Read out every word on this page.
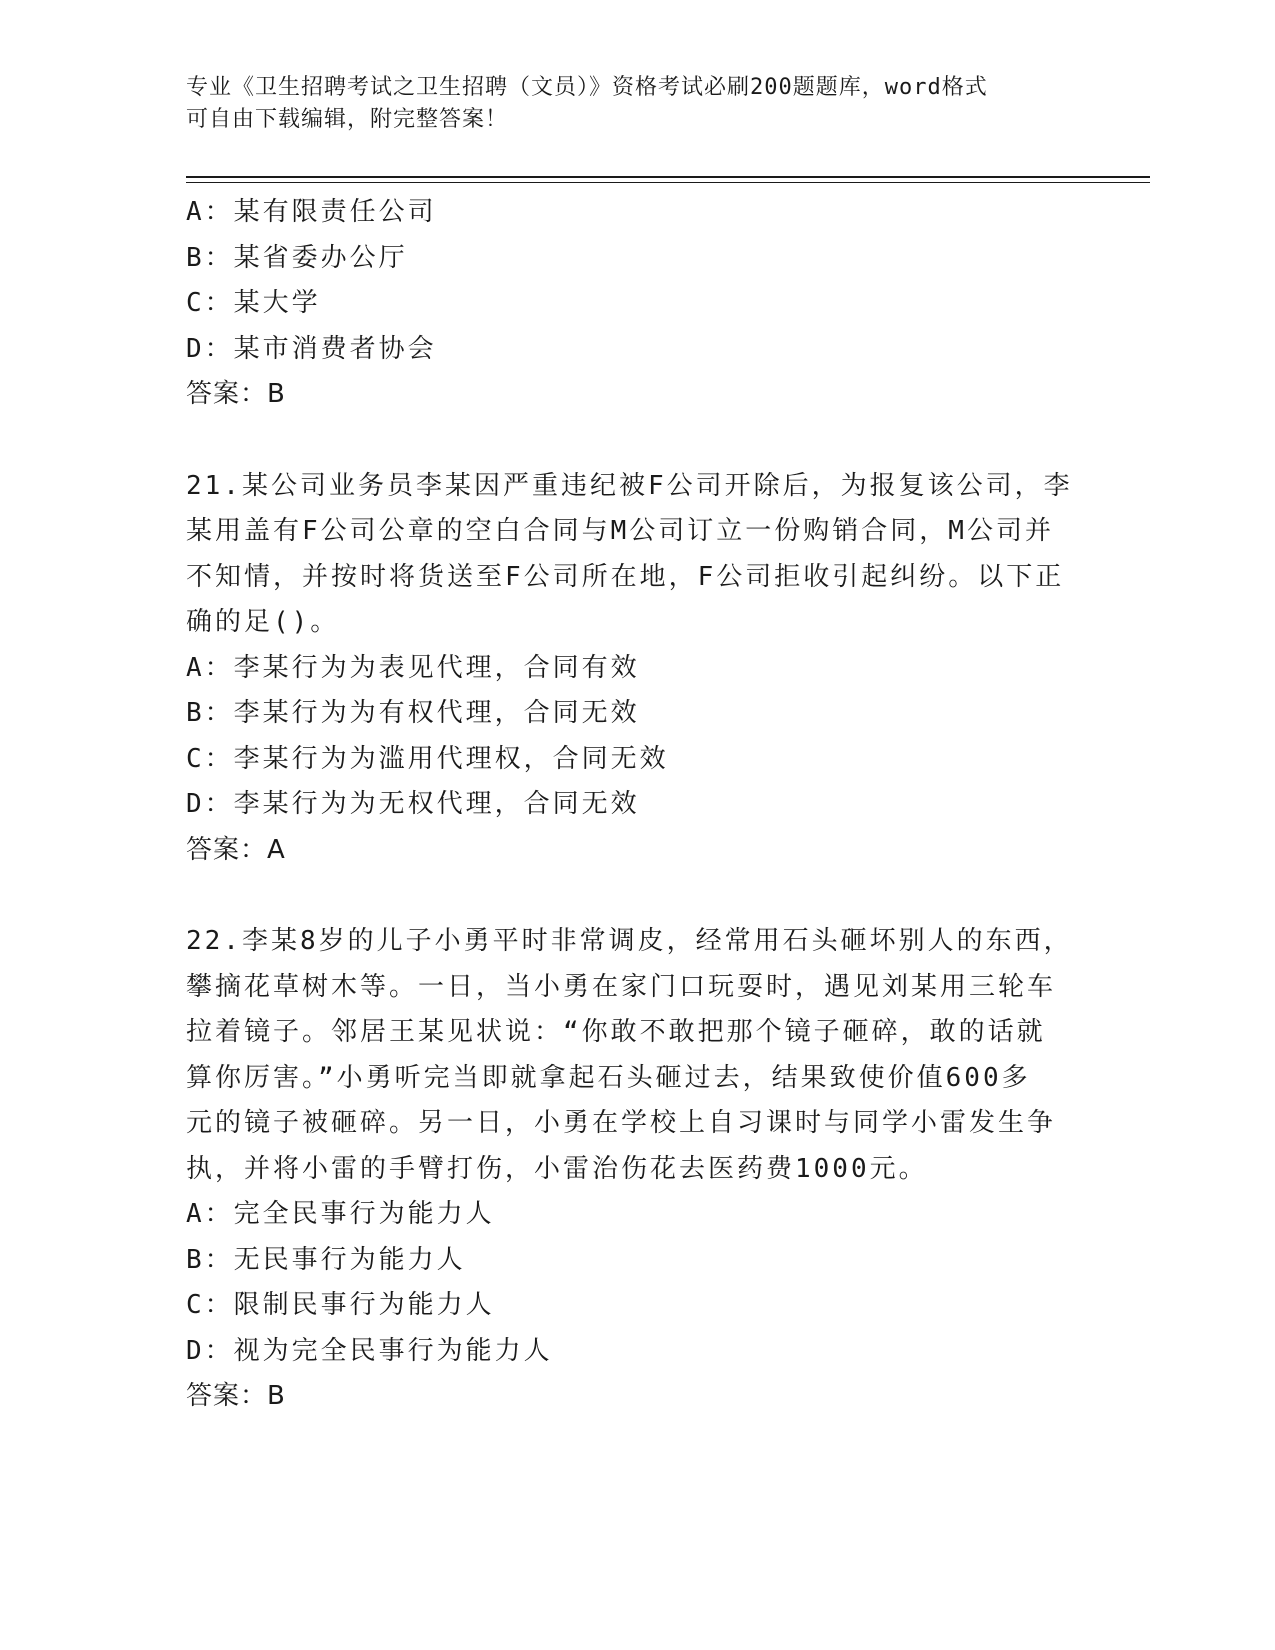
专业《卫生招聘考试之卫生招聘（文员）》资格考试必刷200题题库，word格式
可自由下载编辑，附完整答案！
A：某有限责任公司
B：某省委办公厅
C：某大学
D：某市消费者协会
答案：B
21.某公司业务员李某因严重违纪被F公司开除后，为报复该公司，李
某用盖有F公司公章的空白合同与M公司订立一份购销合同，M公司并
不知情，并按时将货送至F公司所在地，F公司拒收引起纠纷。以下正
确的足()。
A：李某行为为表见代理，合同有效
B：李某行为为有权代理，合同无效
C：李某行为为滥用代理权，合同无效
D：李某行为为无权代理，合同无效
答案：A
22.李某8岁的儿子小勇平时非常调皮，经常用石头砸坏别人的东西，
攀摘花草树木等。一日，当小勇在家门口玩耍时，遇见刘某用三轮车
拉着镜子。邻居王某见状说：“你敢不敢把那个镜子砸碎，敢的话就
算你厉害。”小勇听完当即就拿起石头砸过去，结果致使价值600多
元的镜子被砸碎。另一日，小勇在学校上自习课时与同学小雷发生争
执，并将小雷的手臂打伤，小雷治伤花去医药费1000元。
A：完全民事行为能力人
B：无民事行为能力人
C：限制民事行为能力人
D：视为完全民事行为能力人
答案：B
